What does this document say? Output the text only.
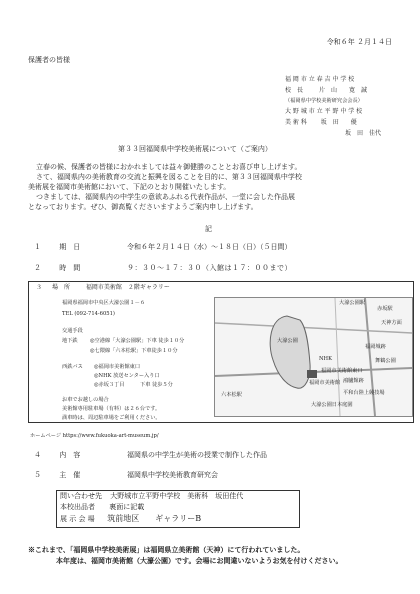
令和６年 ２月１４日
保護者の皆様
福 岡 市 立 春 吉 中 学 校
校　長	片　山　　寛　誠
（福岡県中学校美術研究会会長）
大 野 城 市 立 平 野 中 学 校
美 術 科 坂　田　　優
坂　田　佳代
第３３回福岡県中学校美術展について（ご案内）
立春の候、保護者の皆様におかれましては益々御健勝のこととお喜び申し上げます。
さて、福岡県内の美術教育の交流と振興を図ることを目的に、第３３回福岡県中学校
美術展を福岡市美術館において、下記のとおり開催いたします。
つきましては、福岡県内の中学生の意欲あふれる代表作品が、一堂に会した作品展
となっております。ぜひ、御高覧くださいますようご案内申し上げます。
記
１	期　日	令和６年２月１４日（水）～１８日（日）（５日間）
２	時　間	９：３０～１７：３０（入館は１７：００まで）
３ 場　所	福岡市美術館　２階ギャラリー
福岡県福岡市中央区大濠公園１－６
TEL (092-714-6051)
交通手段
地下鉄 ◎空港線「大濠公園駅」下車 徒歩１０分
◎七隈線「六本松駅」下車徒歩１０分
西鉄バス ◎福岡市美術館東口
◎NHK 放送センター入り口
◎赤坂３丁目　　　下車 徒歩５分
お車でお越しの場合
美術館専用駐車場（有料）は２６台です。
満車時は、周辺駐車場をご利用ください。
ホームページ https://www.fukuoka-art-museum.jp/
大濠公園
福岡市美術館
六本松駅
大濠公園駅
赤坂駅
NHK
大濠公園日本庭園
福岡城跡
鴻臚館跡
舞鶴公園
平和台陸上競技場
天神方面
福岡市美術館東口
４	内　容	福岡県の中学生が美術の授業で制作した作品
５	主　催	福岡県中学校美術教育研究会
問い合わせ先 大野城市立平野中学校　美術科　坂田佳代
本校出品者 裏面に記載
展 示 会 場 筑前地区　　ギャラリーB
※これまで、「福岡県中学校美術展」は福岡県立美術館（天神）にて行われていました。
本年度は、福岡市美術館（大濠公園）です。会場にお間違いないようお気を付けください。
